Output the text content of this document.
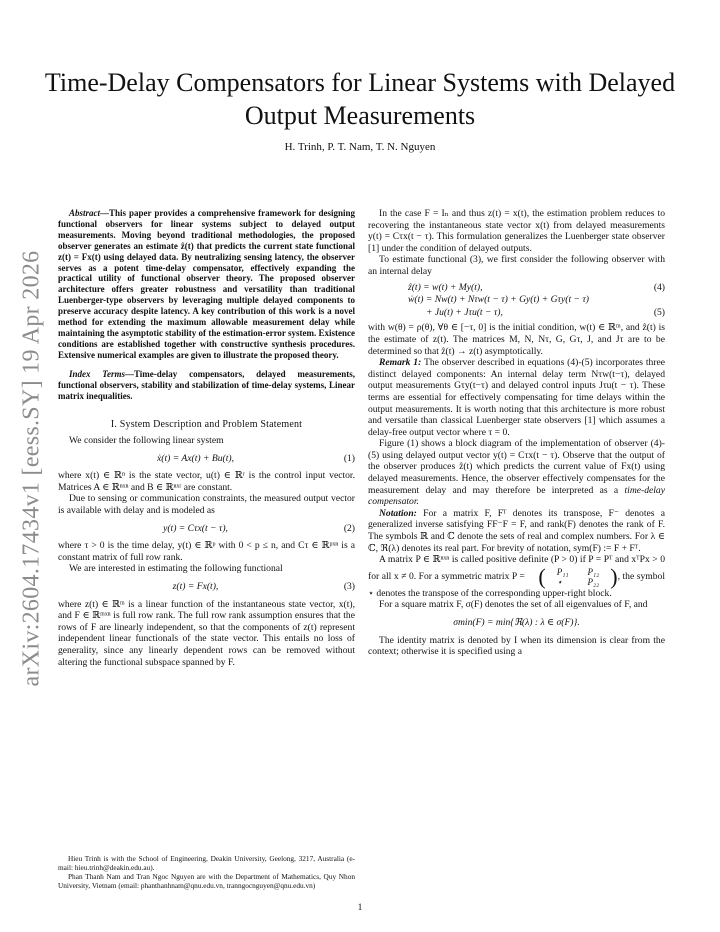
arXiv:2604.17434v1 [eess.SY] 19 Apr 2026
Time-Delay Compensators for Linear Systems with Delayed Output Measurements
H. Trinh, P. T. Nam, T. N. Nguyen

Abstract—This paper provides a comprehensive framework for designing functional observers for linear systems subject to delayed output measurements. Moving beyond traditional methodologies, the proposed observer generates an estimate ẑ(t) that predicts the current state functional z(t) = Fx(t) using delayed data. By neutralizing sensing latency, the observer serves as a potent time-delay compensator, effectively expanding the practical utility of functional observer theory. The proposed observer architecture offers greater robustness and versatility than traditional Luenberger-type observers by leveraging multiple delayed components to preserve accuracy despite latency. A key contribution of this work is a novel method for extending the maximum allowable measurement delay while maintaining the asymptotic stability of the estimation-error system. Existence conditions are established together with constructive synthesis procedures. Extensive numerical examples are given to illustrate the proposed theory.

Index Terms—Time-delay compensators, delayed measurements, functional observers, stability and stabilization of time-delay systems, Linear matrix inequalities.

I. System Description and Problem Statement

We consider the following linear system

ẋ(t) = Ax(t) + Bu(t),	(1)

where x(t) ∈ ℝⁿ is the state vector, u(t) ∈ ℝʳ is the control input vector. Matrices A ∈ ℝⁿˣⁿ and B ∈ ℝⁿˣʳ are constant.

Due to sensing or communication constraints, the measured output vector is available with delay and is modeled as

y(t) = Cτx(t − τ),	(2)

where τ > 0 is the time delay, y(t) ∈ ℝᵖ with 0 < p ≤ n, and Cτ ∈ ℝᵖˣⁿ is a constant matrix of full row rank.

We are interested in estimating the following functional

z(t) = Fx(t),	(3)

where z(t) ∈ ℝᵐ is a linear function of the instantaneous state vector, x(t), and F ∈ ℝᵐˣⁿ is full row rank. The full row rank assumption ensures that the rows of F are linearly independent, so that the components of z(t) represent independent linear functionals of the state vector. This entails no loss of generality, since any linearly dependent rows can be removed without altering the functional subspace spanned by F.

Hieu Trinh is with the School of Engineering, Deakin University, Geelong, 3217, Australia (e-mail: hieu.trinh@deakin.edu.au).

Phan Thanh Nam and Tran Ngoc Nguyen are with the Department of Mathematics, Quy Nhon University, Vietnam (email: phanthanhnam@qnu.edu.vn, tranngocnguyen@qnu.edu.vn)

In the case F = Iₙ and thus z(t) = x(t), the estimation problem reduces to recovering the instantaneous state vector x(t) from delayed measurements y(t) = Cτx(t − τ). This formulation generalizes the Luenberger state observer [1] under the condition of delayed outputs.

To estimate functional (3), we first consider the following observer with an internal delay

ẑ(t) = w(t) + My(t),	(4)
ẇ(t) = Nw(t) + Nτw(t − τ) + Gy(t) + Gτy(t − τ)
+ Ju(t) + Jτu(t − τ),	(5)

with w(θ) = ρ(θ), ∀θ ∈ [−τ, 0] is the initial condition, w(t) ∈ ℝᵐ, and ẑ(t) is the estimate of z(t). The matrices M, N, Nτ, G, Gτ, J, and Jτ are to be determined so that ẑ(t) → z(t) asymptotically.

Remark 1: The observer described in equations (4)-(5) incorporates three distinct delayed components: An internal delay term Nτw(t−τ), delayed output measurements Gτy(t−τ) and delayed control inputs Jτu(t − τ). These terms are essential for effectively compensating for time delays within the output measurements. It is worth noting that this architecture is more robust and versatile than classical Luenberger state observers [1] which assumes a delay-free output vector where τ = 0.

Figure (1) shows a block diagram of the implementation of observer (4)-(5) using delayed output vector y(t) = Cτx(t − τ). Observe that the output of the observer produces ẑ(t) which predicts the current value of Fx(t) using delayed measurements. Hence, the observer effectively compensates for the measurement delay and may therefore be interpreted as a time-delay compensator.

Notation: For a matrix F, Fᵀ denotes its transpose, F⁻ denotes a generalized inverse satisfying FF⁻F = F, and rank(F) denotes the rank of F. The symbols ℝ and ℂ denote the sets of real and complex numbers. For λ ∈ ℂ, ℜ(λ) denotes its real part. For brevity of notation, sym(F) := F + Fᵀ.

A matrix P ∈ ℝⁿˣⁿ is called positive definite (P > 0) if P = Pᵀ and xᵀPx > 0 for all x ≠ 0. For a symmetric matrix P = (	P₁₁	P₁₂
⋆	P₂₂ ) , the symbol ⋆ denotes the transpose of the corresponding upper-right block.

For a square matrix F, σ(F) denotes the set of all eigenvalues of F, and

σmin(F) = min{ℜ(λ) : λ ∈ σ(F)}.

The identity matrix is denoted by I when its dimension is clear from the context; otherwise it is specified using a

1
